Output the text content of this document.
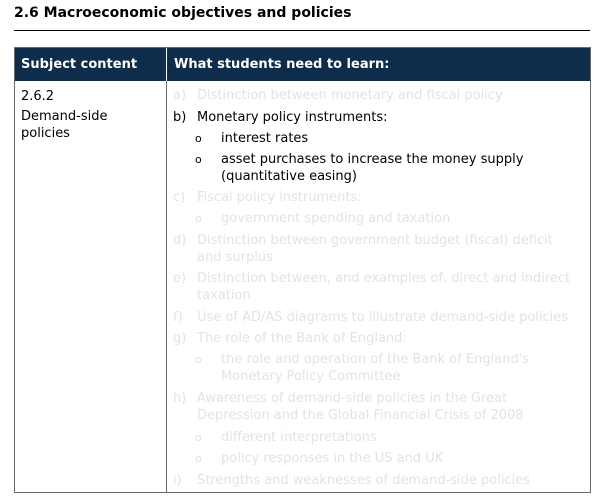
2.6 Macroeconomic objectives and policies
Subject content	What students need to learn:
2.6.2
Demand-side
policies
a) Distinction between monetary and fiscal policy
b) Monetary policy instruments:
o interest rates
o asset purchases to increase the money supply
(quantitative easing)
c) Fiscal policy instruments:
o government spending and taxation
d) Distinction between government budget (fiscal) deficit
and surplus
e) Distinction between, and examples of, direct and indirect
taxation
f) Use of AD/AS diagrams to illustrate demand-side policies
g) The role of the Bank of England:
o the role and operation of the Bank of England's
Monetary Policy Committee
h) Awareness of demand-side policies in the Great
Depression and the Global Financial Crisis of 2008
o different interpretations
o policy responses in the US and UK
i) Strengths and weaknesses of demand-side policies
